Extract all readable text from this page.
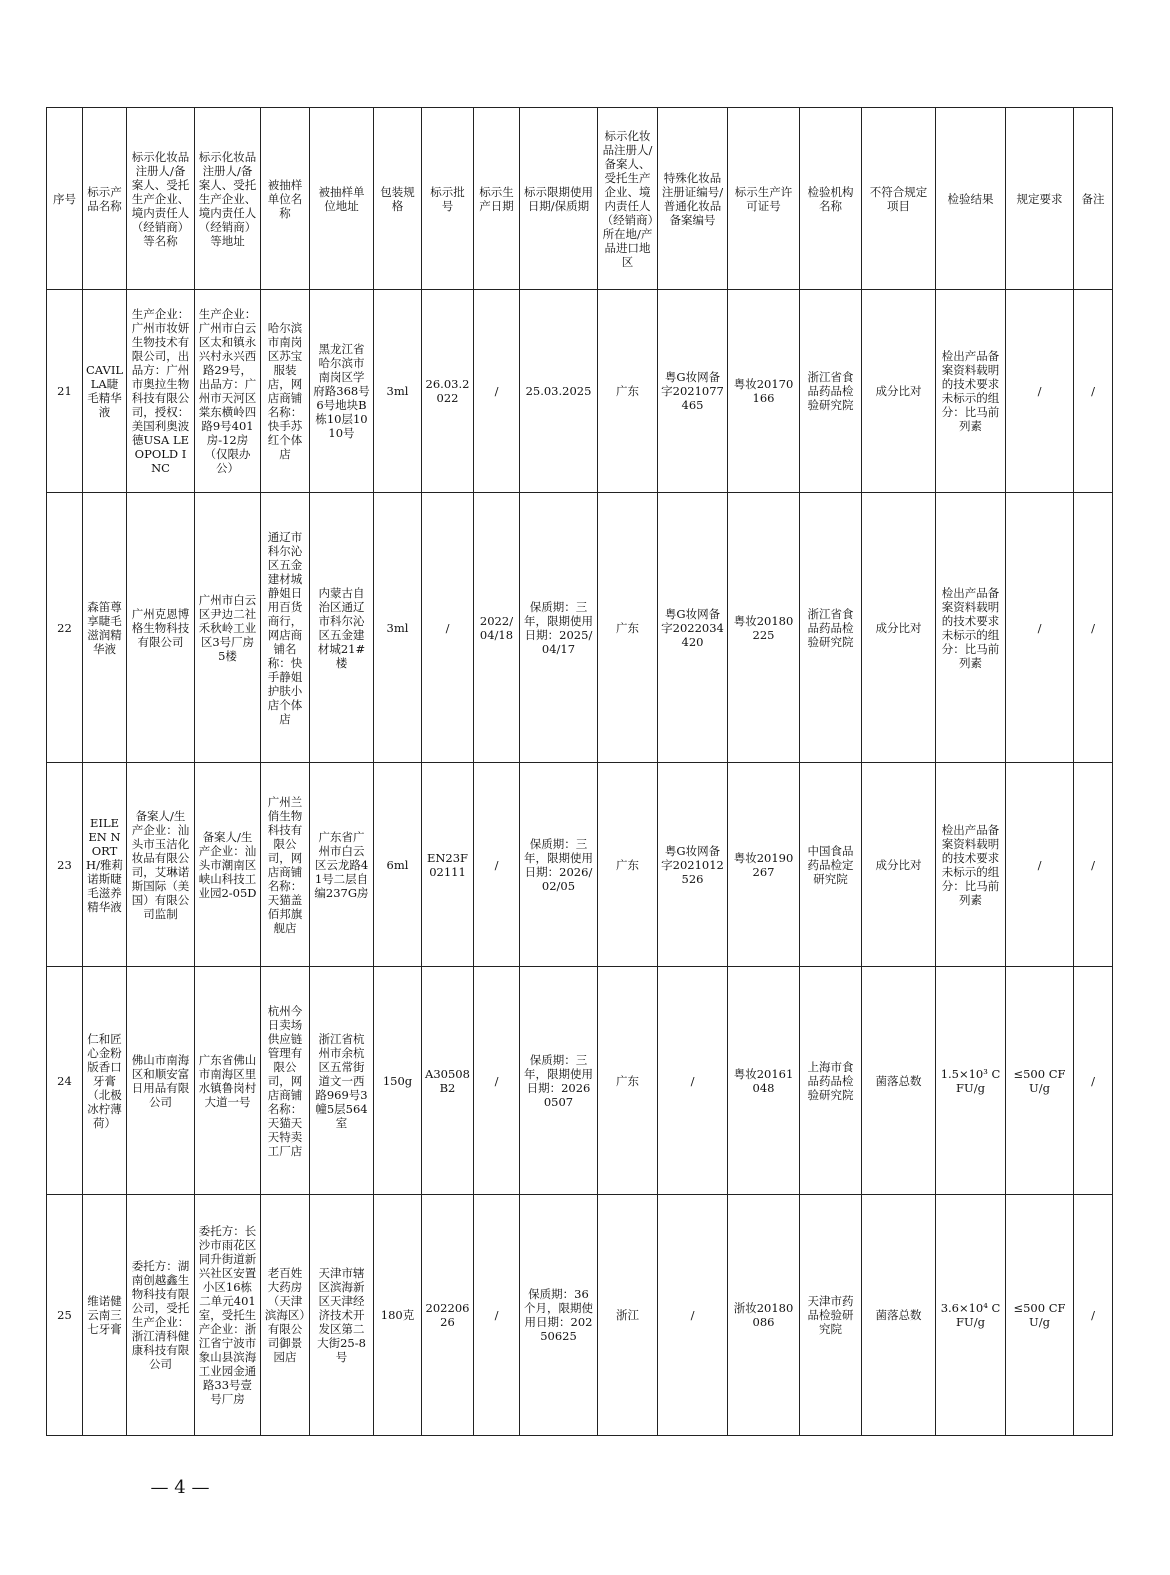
序号	标示产品名称	标示化妆品注册人/备案人、受托生产企业、境内责任人（经销商）等名称	标示化妆品注册人/备案人、受托生产企业、境内责任人（经销商）等地址	被抽样单位名称	被抽样单位地址	包装规格	标示批号	标示生产日期	标示限期使用日期/保质期	标示化妆品注册人/备案人、受托生产企业、境内责任人（经销商）所在地/产品进口地区	特殊化妆品注册证编号/普通化妆品备案编号	标示生产许可证号	检验机构名称	不符合规定项目	检验结果	规定要求	备注
21	CAVILLA睫毛精华液	生产企业：广州市妆妍生物技术有限公司，出品方：广州市奥拉生物科技有限公司，授权：美国利奥波德USA LEOPOLD INC	生产企业：广州市白云区太和镇永兴村永兴西路29号，出品方：广州市天河区棠东横岭四路9号401房-12房（仅限办公）	哈尔滨市南岗区苏宝服装店，网店商铺名称：快手苏红个体店	黑龙江省哈尔滨市南岗区学府路368号6号地块B栋10层1010号	3ml	26.03.2022	/	25.03.2025	广东	粤G妆网备字2021077465	粤妆20170166	浙江省食品药品检验研究院	成分比对	检出产品备案资料载明的技术要求未标示的组分：比马前列素	/	/
22	森笛尊享睫毛滋润精华液	广州克恩博格生物科技有限公司	广州市白云区尹边二社禾秋岭工业区3号厂房5楼	通辽市科尔沁区五金建材城静姐日用百货商行，网店商铺名称：快手静姐护肤小店个体店	内蒙古自治区通辽市科尔沁区五金建材城21#楼	3ml	/	2022/04/18	保质期：三年，限期使用日期：2025/04/17	广东	粤G妆网备字2022034420	粤妆20180225	浙江省食品药品检验研究院	成分比对	检出产品备案资料载明的技术要求未标示的组分：比马前列素	/	/
23	EILEEN NORTH/雅莉诺斯睫毛滋养精华液	备案人/生产企业：汕头市玉洁化妆品有限公司，艾琳诺斯国际（美国）有限公司监制	备案人/生产企业：汕头市潮南区峡山科技工业园2-05D	广州兰俏生物科技有限公司，网店商铺名称：天猫盖佰邦旗舰店	广东省广州市白云区云龙路41号二层自编237G房	6ml	EN23F02111	/	保质期：三年，限期使用日期：2026/02/05	广东	粤G妆网备字2021012526	粤妆20190267	中国食品药品检定研究院	成分比对	检出产品备案资料载明的技术要求未标示的组分：比马前列素	/	/
24	仁和匠心金粉版香口牙膏（北极冰柠薄荷）	佛山市南海区和顺安富日用品有限公司	广东省佛山市南海区里水镇鲁岗村大道一号	杭州今日卖场供应链管理有限公司，网店商铺名称：天猫天天特卖工厂店	浙江省杭州市余杭区五常街道文一西路969号3幢5层564室	150g	A30508B2	/	保质期：三年，限期使用日期：20260507	广东	/	粤妆20161048	上海市食品药品检验研究院	菌落总数	1.5×10³ CFU/g	≤500 CFU/g	/
25	维诺健云南三七牙膏	委托方：湖南创越鑫生物科技有限公司，受托生产企业：浙江清科健康科技有限公司	委托方：长沙市雨花区同升街道新兴社区安置小区16栋二单元401室，受托生产企业：浙江省宁波市象山县滨海工业园金通路33号壹号厂房	老百姓大药房（天津滨海区）有限公司御景园店	天津市辖区滨海新区天津经济技术开发区第二大街25-8号	180克	20220626	/	保质期：36个月，限期使用日期：20250625	浙江	/	浙妆20180086	天津市药品检验研究院	菌落总数	3.6×10⁴ CFU/g	≤500 CFU/g	/
— 4 —
